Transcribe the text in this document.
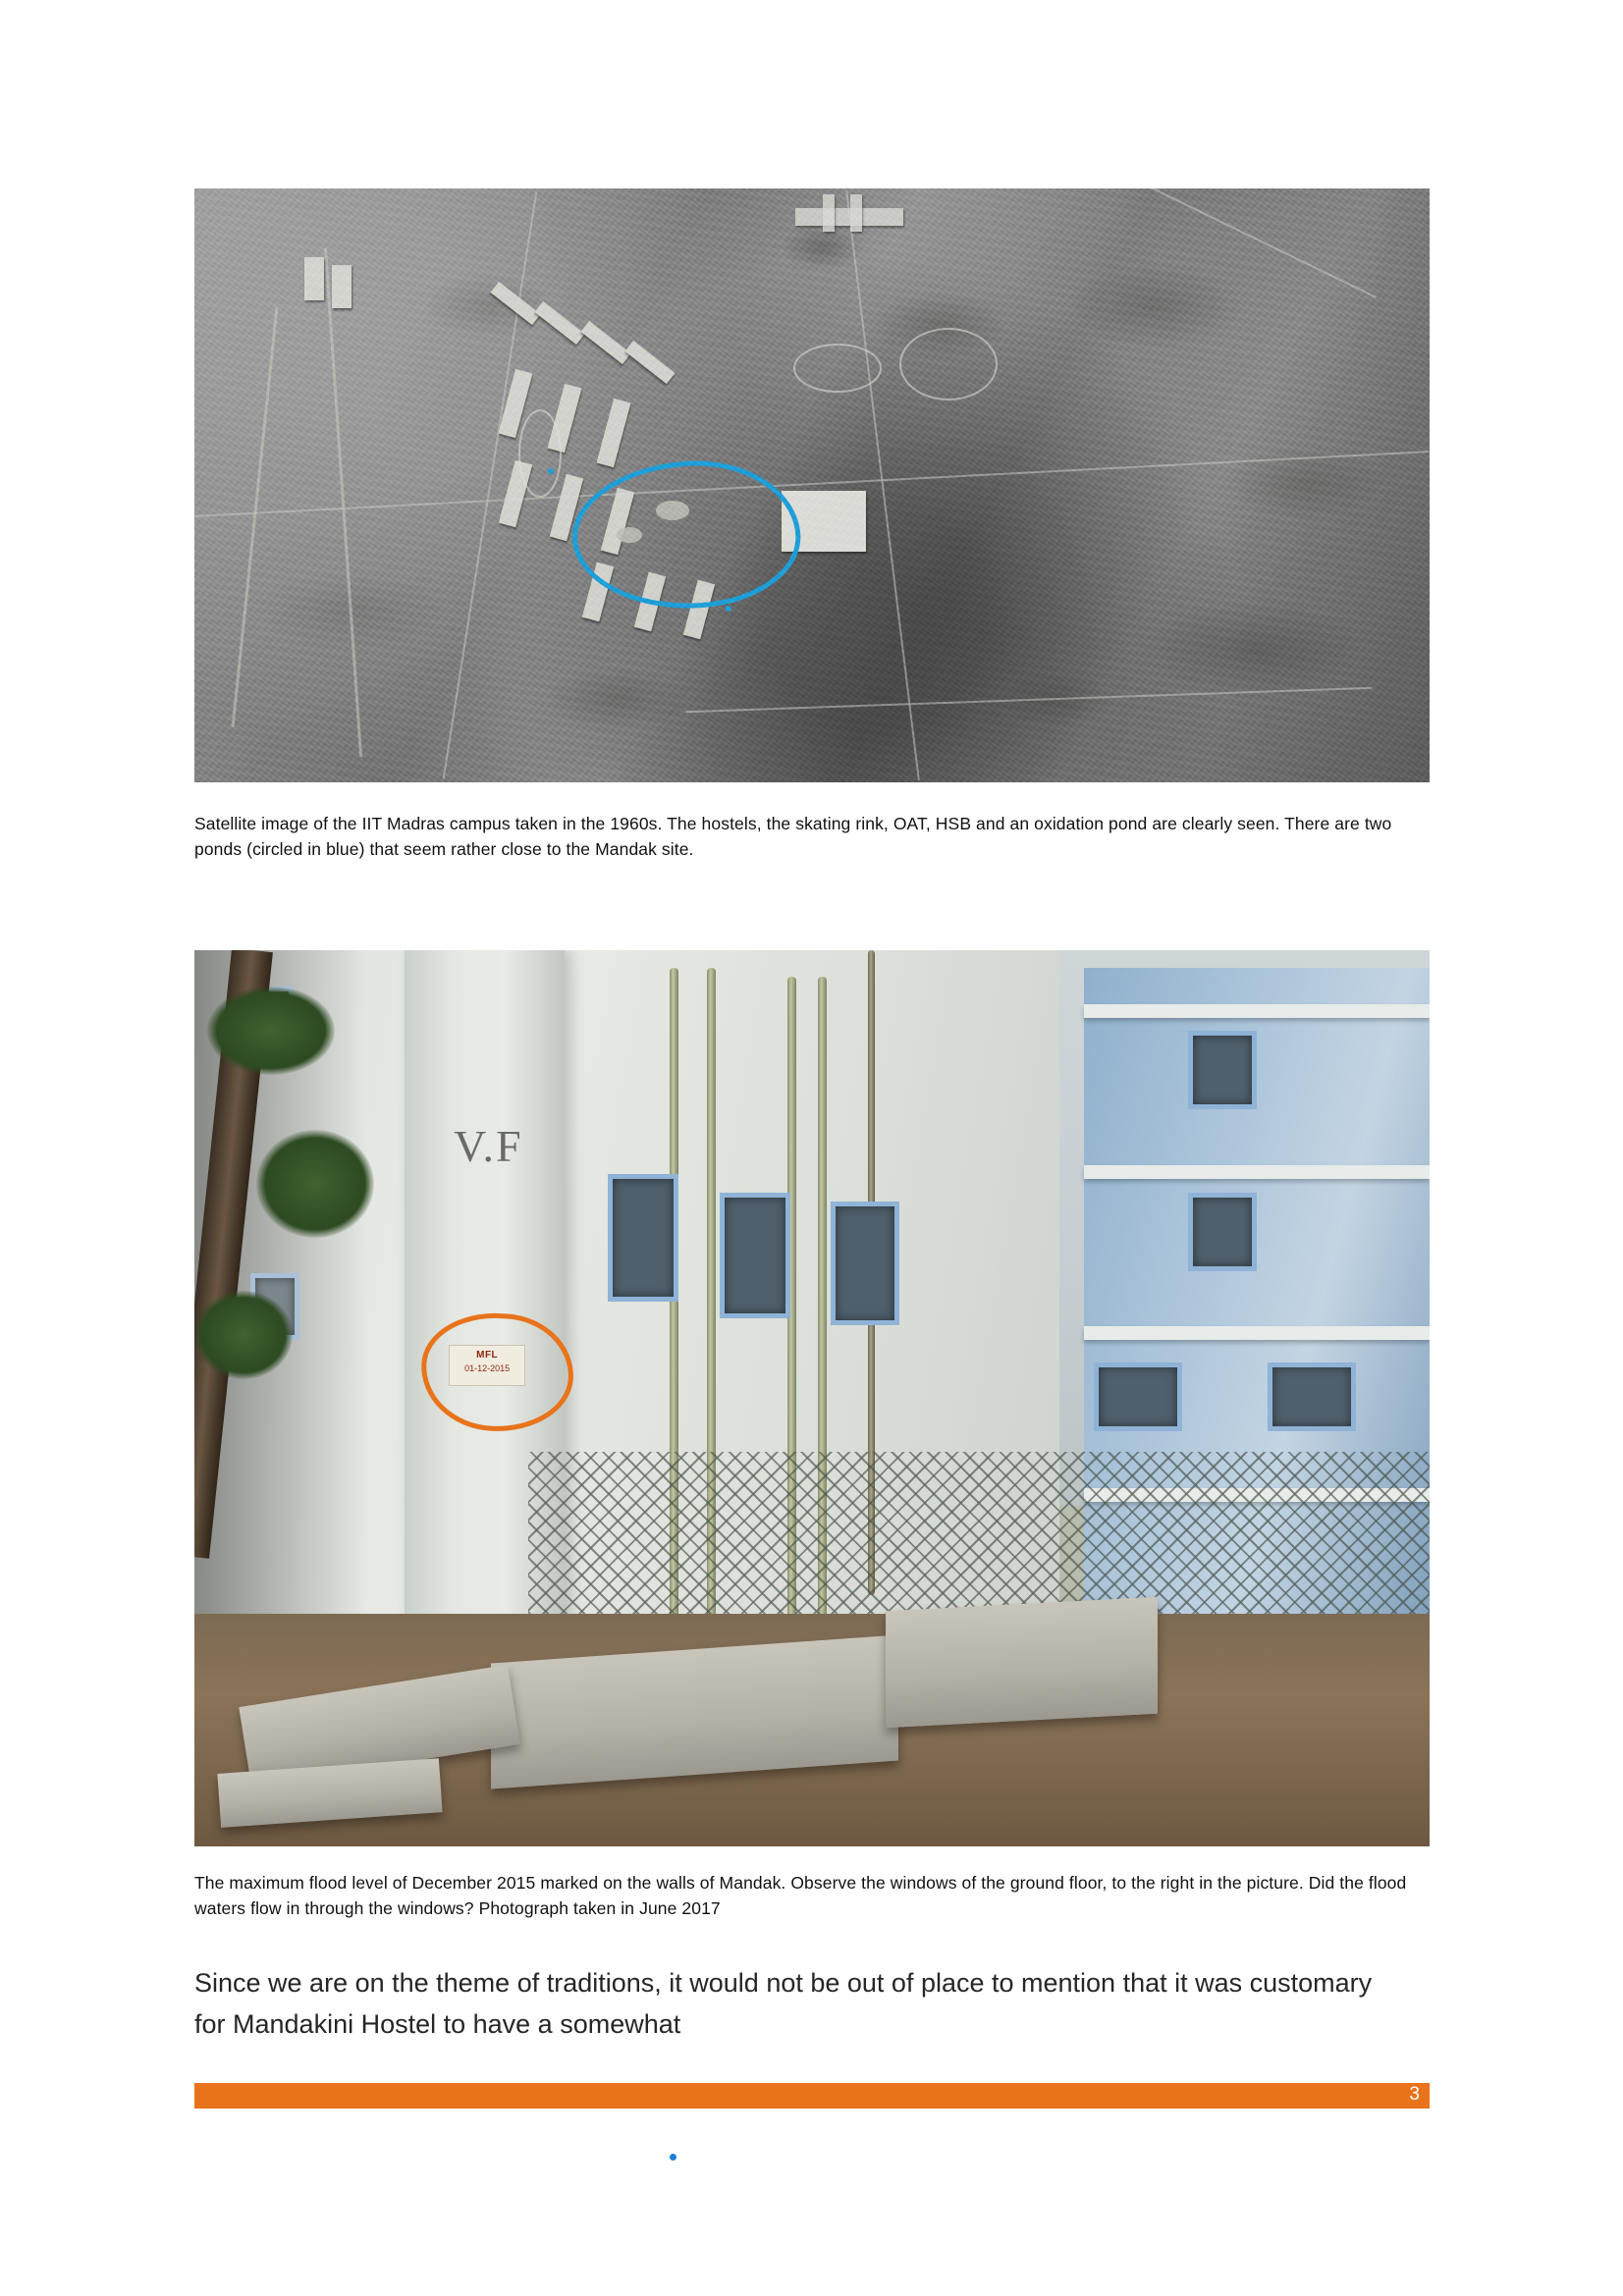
Satellite image of the IIT Madras campus taken in the 1960s. The hostels, the skating rink, OAT, HSB and an oxidation pond are clearly seen. There are two ponds (circled in blue) that seem rather close to the Mandak site.
V.F
MFL
01-12-2015
The maximum flood level of December 2015 marked on the walls of Mandak. Observe the windows of the ground floor, to the right in the picture. Did the flood waters flow in through the windows? Photograph taken in June 2017
Since we are on the theme of traditions, it would not be out of place to mention that it was customary for Mandakini Hostel to have a somewhat
3
